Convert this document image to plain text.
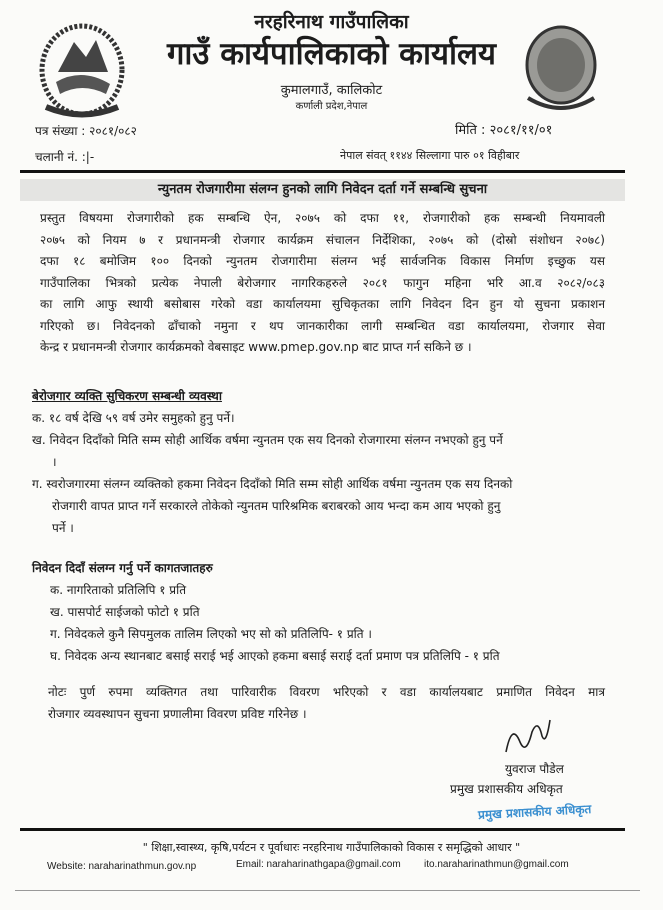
नरहरिनाथ गाउँपालिका
गाउँ कार्यपालिकाको कार्यालय
कुमालगाउँ, कालिकोट
कर्णाली प्रदेश,नेपाल
पत्र संख्या : २०८१/०८२	मिति : २०८१/११/०१
चलानी नं. :|-	नेपाल संवत् ११४४ सिल्लागा पारु ०१ विहीबार
न्युनतम रोजगारीमा संलग्न हुनको लागि निवेदन दर्ता गर्ने सम्बन्धि सुचना
प्रस्तुत विषयमा रोजगारीको हक सम्बन्धि ऐन, २०७५ को दफा ११, रोजगारीको हक सम्बन्धी नियमावली
२०७५ को नियम ७ र प्रधानमन्त्री रोजगार कार्यक्रम संचालन निर्देशिका, २०७५ को (दोस्रो संशोधन २०७८)
दफा १८ बमोजिम १०० दिनको न्युनतम रोजगारीमा संलग्न भई सार्वजनिक विकास निर्माण इच्छुक यस
गाउँपालिका भित्रको प्रत्येक नेपाली बेरोजगार नागरिकहरुले २०८१ फागुन महिना भरि आ.व २०८२/०८३
का लागि आफु स्थायी बसोबास गरेको वडा कार्यालयमा सुचिकृतका लागि निवेदन दिन हुन यो सुचना प्रकाशन
गरिएको छ। निवेदनको ढाँचाको नमुना र थप जानकारीका लागी सम्बन्धित वडा कार्यालयमा, रोजगार सेवा
केन्द्र र प्रधानमन्त्री रोजगार कार्यक्रमको वेबसाइट www.pmep.gov.np बाट प्राप्त गर्न सकिने छ ।
बेरोजगार व्यक्ति सुचिकरण सम्बन्धी व्यवस्था
क. १८ वर्ष देखि ५९ वर्ष उमेर समुहको हुनु पर्ने।
ख. निवेदन दिदाँको मिति सम्म सोही आर्थिक वर्षमा न्युनतम एक सय दिनको रोजगारमा संलग्न नभएको हुनु पर्ने
।
ग. स्वरोजगारमा संलग्न व्यक्तिको हकमा निवेदन दिदाँको मिति सम्म सोही आर्थिक वर्षमा न्युनतम एक सय दिनको
रोजगारी वापत प्राप्त गर्ने सरकारले तोकेको न्युनतम पारिश्रमिक बराबरको आय भन्दा कम आय भएको हुनु
पर्ने ।
निवेदन दिदाँ संलग्न गर्नु पर्ने कागतजातहरु
क. नागरिताको प्रतिलिपि १ प्रति
ख. पासपोर्ट साईजको फोटो १ प्रति
ग. निवेदकले कुनै सिपमुलक तालिम लिएको भए सो को प्रतिलिपि- १ प्रति ।
घ. निवेदक अन्य स्थानबाट बसाई सराई भई आएको हकमा बसाई सराई दर्ता प्रमाण पत्र प्रतिलिपि - १ प्रति
नोटः पुर्ण रुपमा व्यक्तिगत तथा पारिवारीक विवरण भरिएको र वडा कार्यालयबाट प्रमाणित निवेदन मात्र
रोजगार व्यवस्थापन सुचना प्रणालीमा विवरण प्रविष्ट गरिनेछ ।
युवराज पौडेल
प्रमुख प्रशासकीय अधिकृत
प्रमुख प्रशासकीय अधिकृत
" शिक्षा,स्वास्थ्य, कृषि,पर्यटन र पूर्वाधारः नरहरिनाथ गाउँपालिकाको विकास र समृद्धिको आधार "
Website: naraharinathmun.gov.np	Email: naraharinathgapa@gmail.com ito.naraharinathmun@gmail.com
